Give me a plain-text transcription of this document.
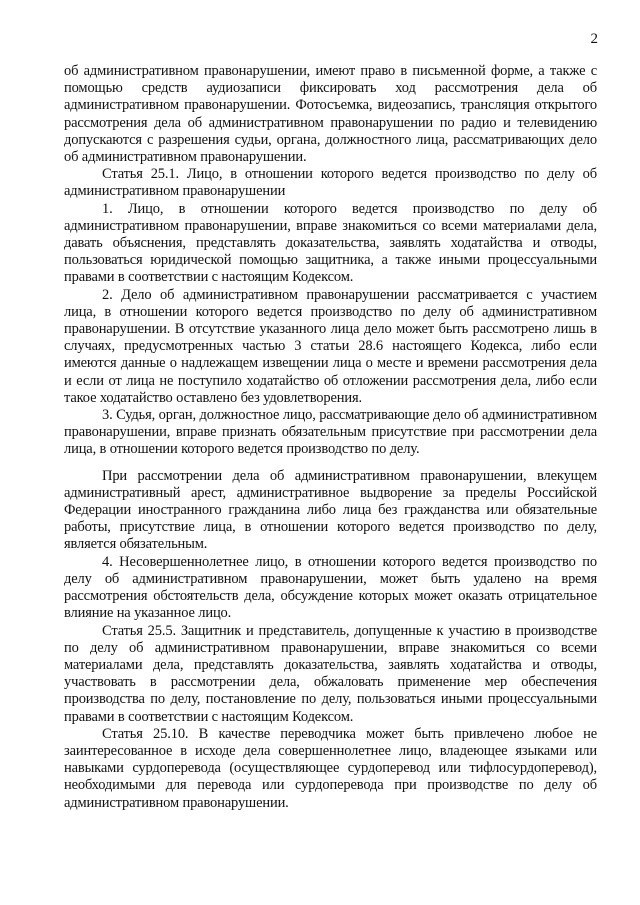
2

об административном правонарушении, имеют право в письменной форме, а также с помощью средств аудиозаписи фиксировать ход рассмотрения дела об административном правонарушении. Фотосъемка, видеозапись, трансляция открытого рассмотрения дела об административном правонарушении по радио и телевидению допускаются с разрешения судьи, органа, должностного лица, рассматривающих дело об административном правонарушении.

Статья 25.1. Лицо, в отношении которого ведется производство по делу об административном правонарушении

1. Лицо, в отношении которого ведется производство по делу об административном правонарушении, вправе знакомиться со всеми материалами дела, давать объяснения, представлять доказательства, заявлять ходатайства и отводы, пользоваться юридической помощью защитника, а также иными процессуальными правами в соответствии с настоящим Кодексом.

2. Дело об административном правонарушении рассматривается с участием лица, в отношении которого ведется производство по делу об административном правонарушении. В отсутствие указанного лица дело может быть рассмотрено лишь в случаях, предусмотренных частью 3 статьи 28.6 настоящего Кодекса, либо если имеются данные о надлежащем извещении лица о месте и времени рассмотрения дела и если от лица не поступило ходатайство об отложении рассмотрения дела, либо если такое ходатайство оставлено без удовлетворения.

3. Судья, орган, должностное лицо, рассматривающие дело об административном правонарушении, вправе признать обязательным присутствие при рассмотрении дела лица, в отношении которого ведется производство по делу.

При рассмотрении дела об административном правонарушении, влекущем административный арест, административное выдворение за пределы Российской Федерации иностранного гражданина либо лица без гражданства или обязательные работы, присутствие лица, в отношении которого ведется производство по делу, является обязательным.

4. Несовершеннолетнее лицо, в отношении которого ведется производство по делу об административном правонарушении, может быть удалено на время рассмотрения обстоятельств дела, обсуждение которых может оказать отрицательное влияние на указанное лицо.

Статья 25.5. Защитник и представитель, допущенные к участию в производстве по делу об административном правонарушении, вправе знакомиться со всеми материалами дела, представлять доказательства, заявлять ходатайства и отводы, участвовать в рассмотрении дела, обжаловать применение мер обеспечения производства по делу, постановление по делу, пользоваться иными процессуальными правами в соответствии с настоящим Кодексом.

Статья 25.10. В качестве переводчика может быть привлечено любое не заинтересованное в исходе дела совершеннолетнее лицо, владеющее языками или навыками сурдоперевода (осуществляющее сурдоперевод или тифлосурдоперевод), необходимыми для перевода или сурдоперевода при производстве по делу об административном правонарушении.
